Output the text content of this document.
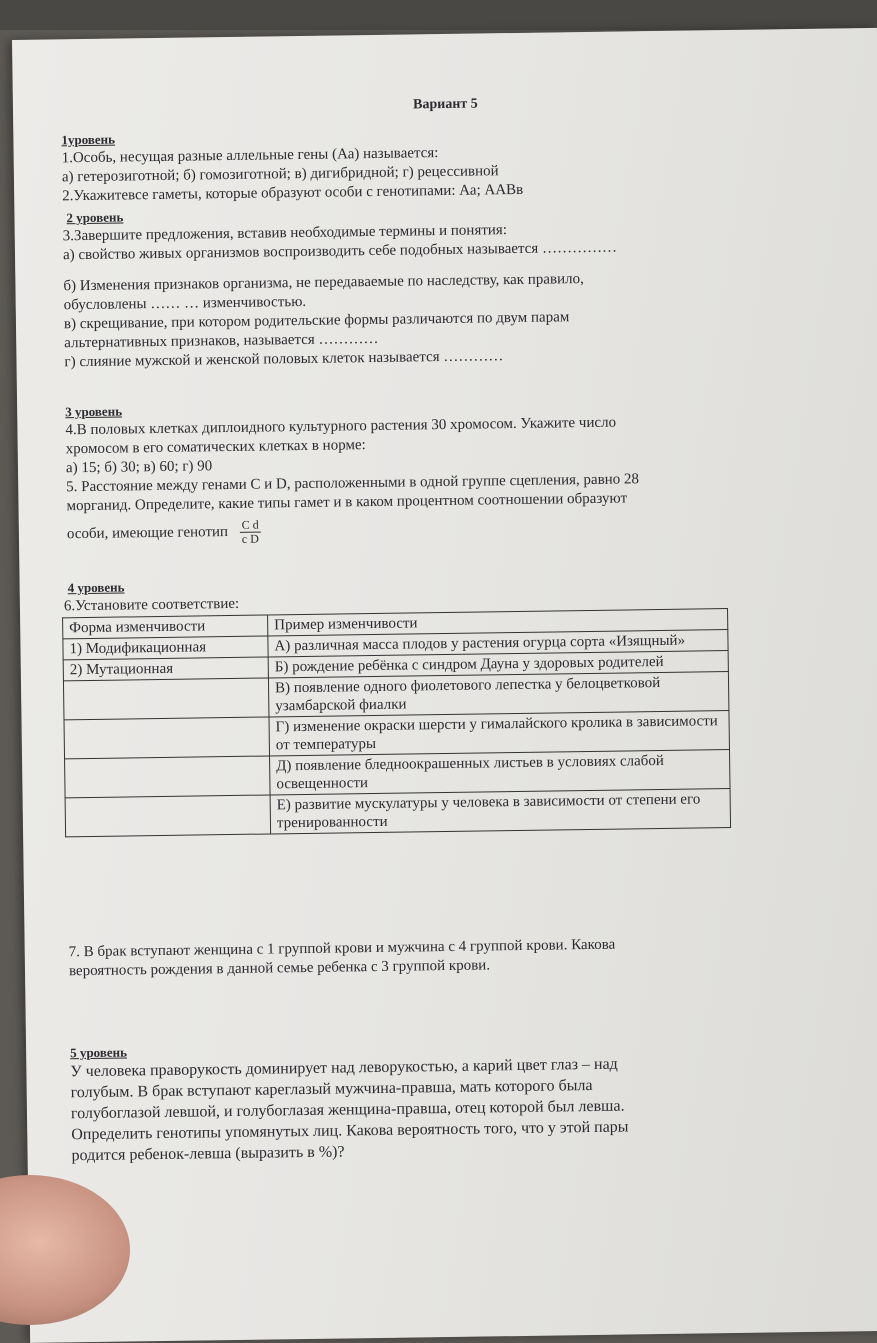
Вариант 5
1уровень
1.Особь, несущая разные аллельные гены (Аа) называется:
а) гетерозиготной; б) гомозиготной; в) дигибридной; г) рецессивной
2.Укажитевсе гаметы, которые образуют особи с генотипами: Аа; ААВв
2 уровень
3.Завершите предложения, вставив необходимые термины и понятия:
а) свойство живых организмов воспроизводить себе подобных называется ……………
б) Изменения признаков организма, не передаваемые по наследству, как правило,
обусловлены …… … изменчивостью.
в) скрещивание, при котором родительские формы различаются по двум парам
альтернативных признаков, называется …………
г) слияние мужской и женской половых клеток называется …………
3 уровень
4.В половых клетках диплоидного культурного растения 30 хромосом. Укажите число
хромосом в его соматических клетках в норме:
а) 15; б) 30; в) 60; г) 90
5. Расстояние между генами С и D, расположенными в одной группе сцепления, равно 28
морганид. Определите, какие типы гамет и в каком процентном соотношении образуют
особи, имеющие генотип $\frac{\text{C d}}{\text{c D}}$
4 уровень
6.Установите соответствие:
Форма изменчивости	Пример изменчивости
1) Модификационная	А) различная масса плодов у растения огурца сорта «Изящный»
2) Мутационная	Б) рождение ребёнка с синдром Дауна у здоровых родителей
	В) появление одного фиолетового лепестка у белоцветковой узамбарской фиалки
	Г) изменение окраски шерсти у гималайского кролика в зависимости от температуры
	Д) появление бледноокрашенных листьев в условиях слабой освещенности
	Е) развитие мускулатуры у человека в зависимости от степени его тренированности
7. В брак вступают женщина с 1 группой крови и мужчина с 4 группой крови. Какова
вероятность рождения в данной семье ребенка с 3 группой крови.
5 уровень
У человека праворукость доминирует над леворукостью, а карий цвет глаз – над
голубым. В брак вступают кареглазый мужчина-правша, мать которого была
голубоглазой левшой, и голубоглазая женщина-правша, отец которой был левша.
Определить генотипы упомянутых лиц. Какова вероятность того, что у этой пары
родится ребенок-левша (выразить в %)?
